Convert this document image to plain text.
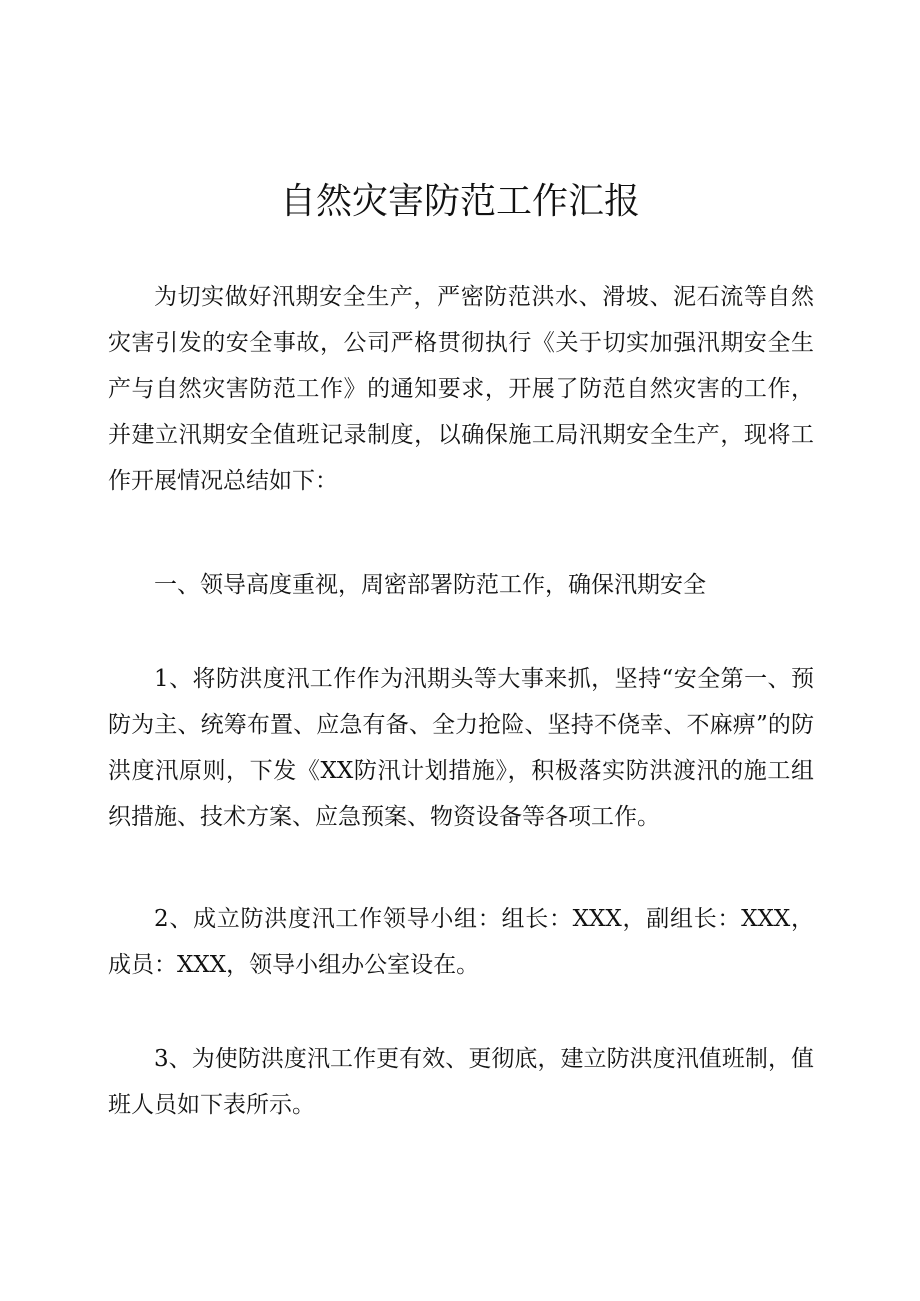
自然灾害防范工作汇报

为切实做好汛期安全生产，严密防范洪水、滑坡、泥石流等自然灾害引发的安全事故，公司严格贯彻执行《关于切实加强汛期安全生产与自然灾害防范工作》的通知要求，开展了防范自然灾害的工作，并建立汛期安全值班记录制度，以确保施工局汛期安全生产，现将工作开展情况总结如下：

一、领导高度重视，周密部署防范工作，确保汛期安全

1、将防洪度汛工作作为汛期头等大事来抓，坚持“安全第一、预防为主、统筹布置、应急有备、全力抢险、坚持不侥幸、不麻痹”的防洪度汛原则，下发《XX防汛计划措施》，积极落实防洪渡汛的施工组织措施、技术方案、应急预案、物资设备等各项工作。

2、成立防洪度汛工作领导小组：组长：XXX，副组长：XXX，成员：XXX，领导小组办公室设在。

3、为使防洪度汛工作更有效、更彻底，建立防洪度汛值班制，值班人员如下表所示。
